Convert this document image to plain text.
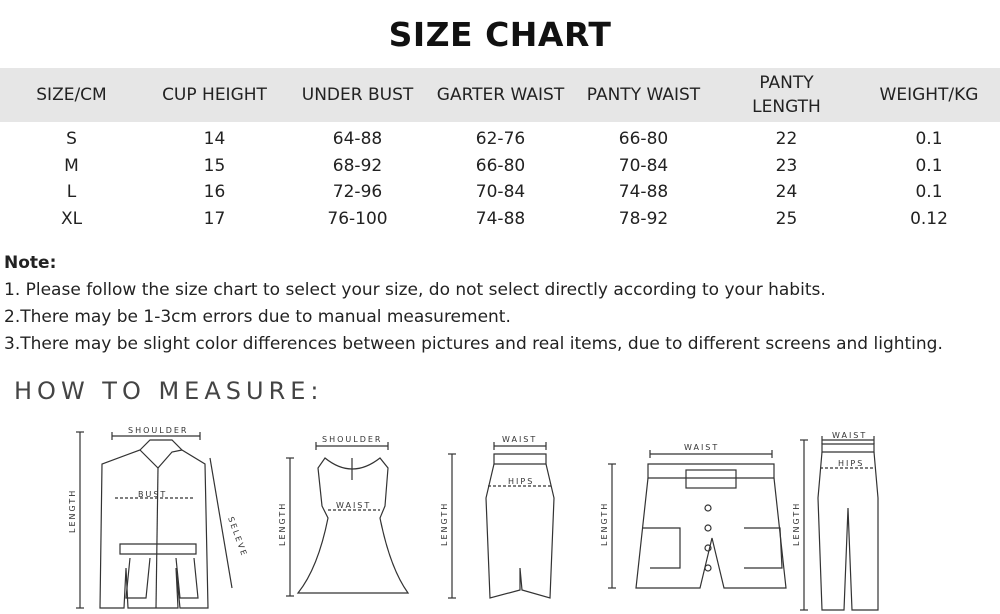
SIZE CHART
SIZE/CM	CUP HEIGHT	UNDER BUST	GARTER WAIST	PANTY WAIST	PANTY LENGTH	WEIGHT/KG
S	14	64-88	62-76	66-80	22	0.1
M	15	68-92	66-80	70-84	23	0.1
L	16	72-96	70-84	74-88	24	0.1
XL	17	76-100	74-88	78-92	25	0.12
Note:
1. Please follow the size chart to select your size, do not select directly according to your habits.
2.There may be 1-3cm errors due to manual measurement.
3.There may be slight color differences between pictures and real items, due to different screens and lighting.
HOW TO MEASURE:
SHOULDER
BUST
LENGTH
SELEVE
SHOULDER
WAIST
LENGTH
WAIST
HIPS
LENGTH
WAIST
LENGTH
WAIST
HIPS
LENGTH
